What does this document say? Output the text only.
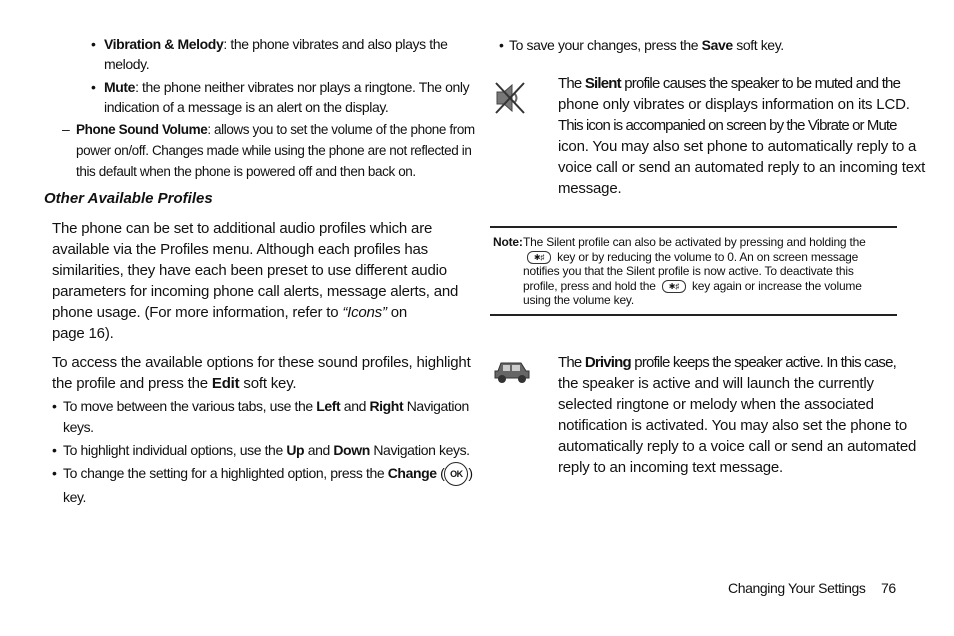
• Vibration & Melody: the phone vibrates and also plays the
melody.
• Mute: the phone neither vibrates nor plays a ringtone. The only
indication of a message is an alert on the display.
– Phone Sound Volume: allows you to set the volume of the phone from
power on/off. Changes made while using the phone are not reflected in
this default when the phone is powered off and then back on.
Other Available Profiles
The phone can be set to additional audio profiles which are
available via the Profiles menu. Although each profiles has
similarities, they have each been preset to use different audio
parameters for incoming phone call alerts, message alerts, and
phone usage. (For more information, refer to “Icons” on
page 16).
To access the available options for these sound profiles, highlight
the profile and press the Edit soft key.
• To move between the various tabs, use the Left and Right Navigation
keys.
• To highlight individual options, use the Up and Down Navigation keys.
• To change the setting for a highlighted option, press the Change ( OK )
key.
• To save your changes, press the Save soft key.
The Silent profile causes the speaker to be muted and the
phone only vibrates or displays information on its LCD.
This icon is accompanied on screen by the Vibrate or Mute
icon. You may also set phone to automatically reply to a
voice call or send an automated reply to an incoming text
message.
Note: The Silent profile can also be activated by pressing and holding the
✱♯ key or by reducing the volume to 0. An on screen message
notifies you that the Silent profile is now active. To deactivate this
profile, press and hold the ✱♯ key again or increase the volume
using the volume key.
The Driving profile keeps the speaker active. In this case,
the speaker is active and will launch the currently
selected ringtone or melody when the associated
notification is activated. You may also set the phone to
automatically reply to a voice call or send an automated
reply to an incoming text message.
Changing Your Settings 76
